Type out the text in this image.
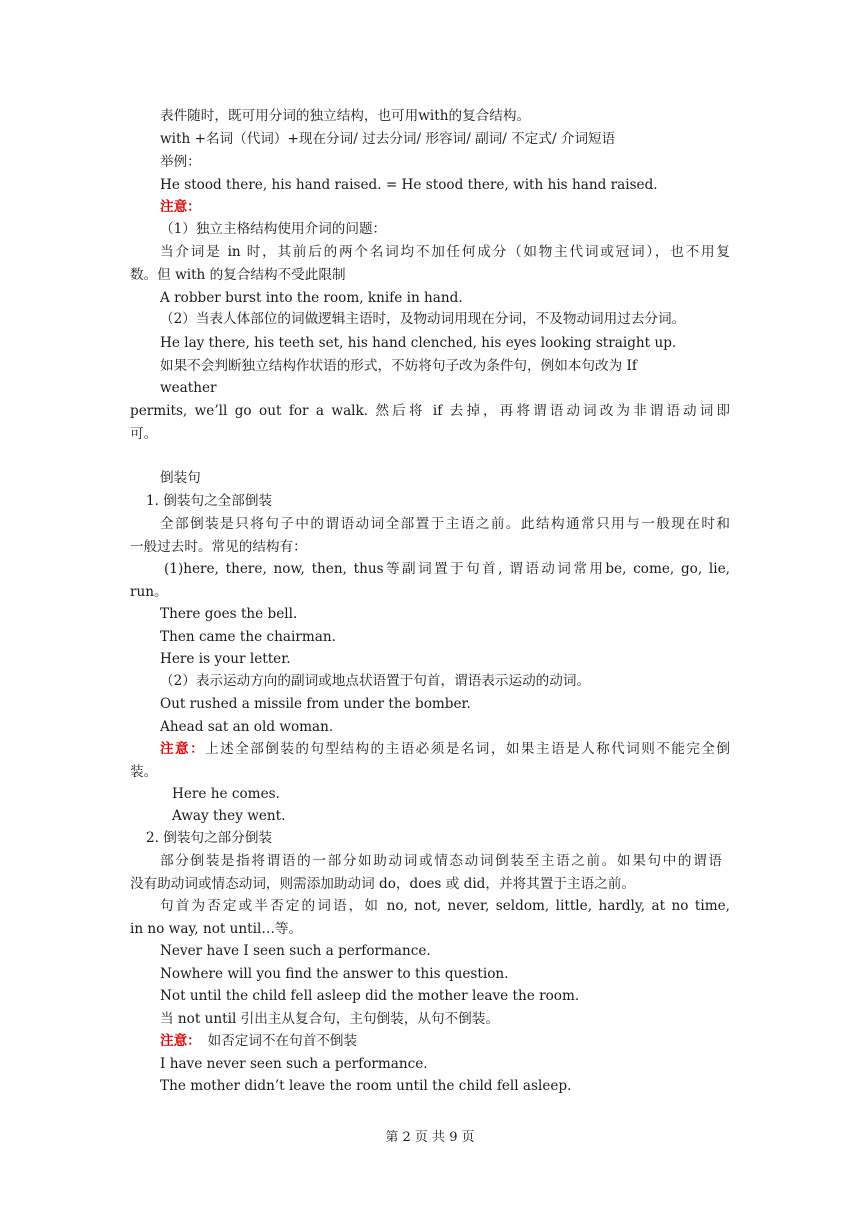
表件随时，既可用分词的独立结构，也可用with的复合结构。
with +名词（代词）+现在分词/ 过去分词/ 形容词/ 副词/ 不定式/ 介词短语
举例：
He stood there, his hand raised. = He stood there, with his hand raised.
注意：
（1）独立主格结构使用介词的问题：
当介词是 in 时，其前后的两个名词均不加任何成分（如物主代词或冠词），也不用复
数。但 with 的复合结构不受此限制
A robber burst into the room, knife in hand.
（2）当表人体部位的词做逻辑主语时，及物动词用现在分词，不及物动词用过去分词。
He lay there, his teeth set, his hand clenched, his eyes looking straight up.
如果不会判断独立结构作状语的形式，不妨将句子改为条件句，例如本句改为 If
weather
permits, we’ll go out for a walk. 然后将 if 去掉，再将谓语动词改为非谓语动词即
可。
倒装句
1. 倒装句之全部倒装
全部倒装是只将句子中的谓语动词全部置于主语之前。此结构通常只用与一般现在时和
一般过去时。常见的结构有：
(1)here, there, now, then, thus等副词置于句首, 谓语动词常用be, come, go, lie,
run。
There goes the bell.
Then came the chairman.
Here is your letter.
（2）表示运动方向的副词或地点状语置于句首，谓语表示运动的动词。
Out rushed a missile from under the bomber.
Ahead sat an old woman.
注意：上述全部倒装的句型结构的主语必须是名词，如果主语是人称代词则不能完全倒
装。
Here he comes.
Away they went.
2. 倒装句之部分倒装
部分倒装是指将谓语的一部分如助动词或情态动词倒装至主语之前。如果句中的谓语
没有助动词或情态动词，则需添加助动词 do，does 或 did，并将其置于主语之前。
句首为否定或半否定的词语，如 no, not, never, seldom, little, hardly, at no time,
in no way, not until…等。
Never have I seen such a performance.
Nowhere will you find the answer to this question.
Not until the child fell asleep did the mother leave the room.
当 not until 引出主从复合句，主句倒装，从句不倒装。
注意：　如否定词不在句首不倒装
I have never seen such a performance.
The mother didn’t leave the room until the child fell asleep.
第 2 页 共 9 页
